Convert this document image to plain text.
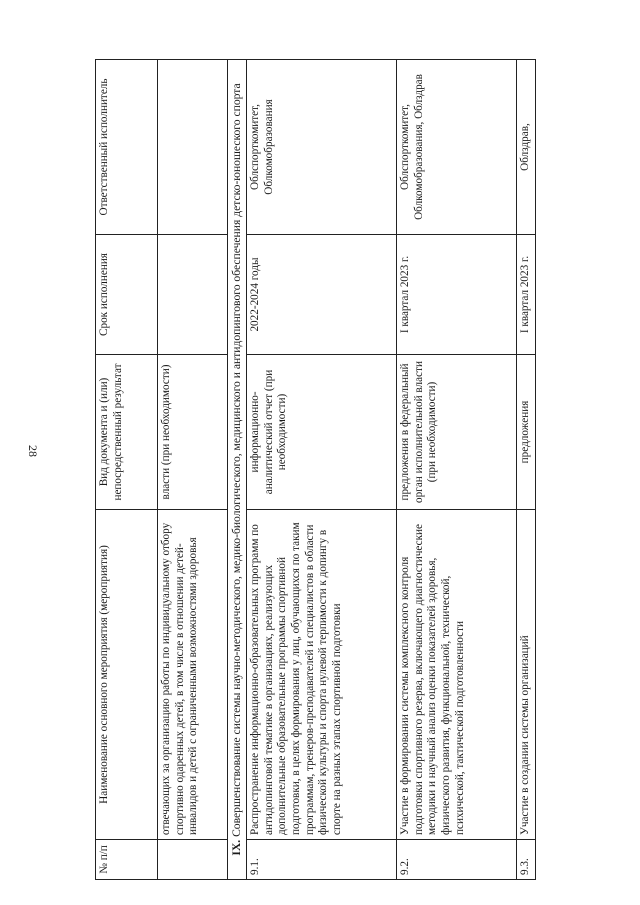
28
№ п/п	Наименование основного мероприятия (мероприятия)	Вид документа и (или) непосредственный результат	Срок исполнения	Ответственный исполнитель
	отвечающих за организацию работы по индивидуальному отбору спортивно одаренных детей, в том числе в отношении детей-инвалидов и детей с ограниченными возможностями здоровья	власти (при необходимости)		
IX. Совершенствование системы научно-методического, медико-биологического, медицинского и антидопингового обеспечения детско-юношеского спорта				
9.1.	Распространение информационно-образовательных программ по антидопинговой тематике в организациях, реализующих дополнительные образовательные программы спортивной подготовки, в целях формирования у лиц, обучающихся по таким программам, тренеров-преподавателей и специалистов в области физической культуры и спорта нулевой терпимости к допингу в спорте на разных этапах спортивной подготовки	информационно-аналитический отчет (при необходимости)	2022-2024 годы	Облспорткомитет, Облкомобразования
9.2.	Участие в формировании системы комплексного контроля подготовки спортивного резерва, включающего диагностические методики и научный анализ оценки показателей здоровья, физического развития, функциональной, технической, психической, тактической подготовленности	предложения в федеральный орган исполнительной власти (при необходимости)	I квартал 2023 г.	Облспорткомитет, Облкомобразования, Облздрав
9.3.	Участие в создании системы организаций	предложения	I квартал 2023 г.	Облздрав,
